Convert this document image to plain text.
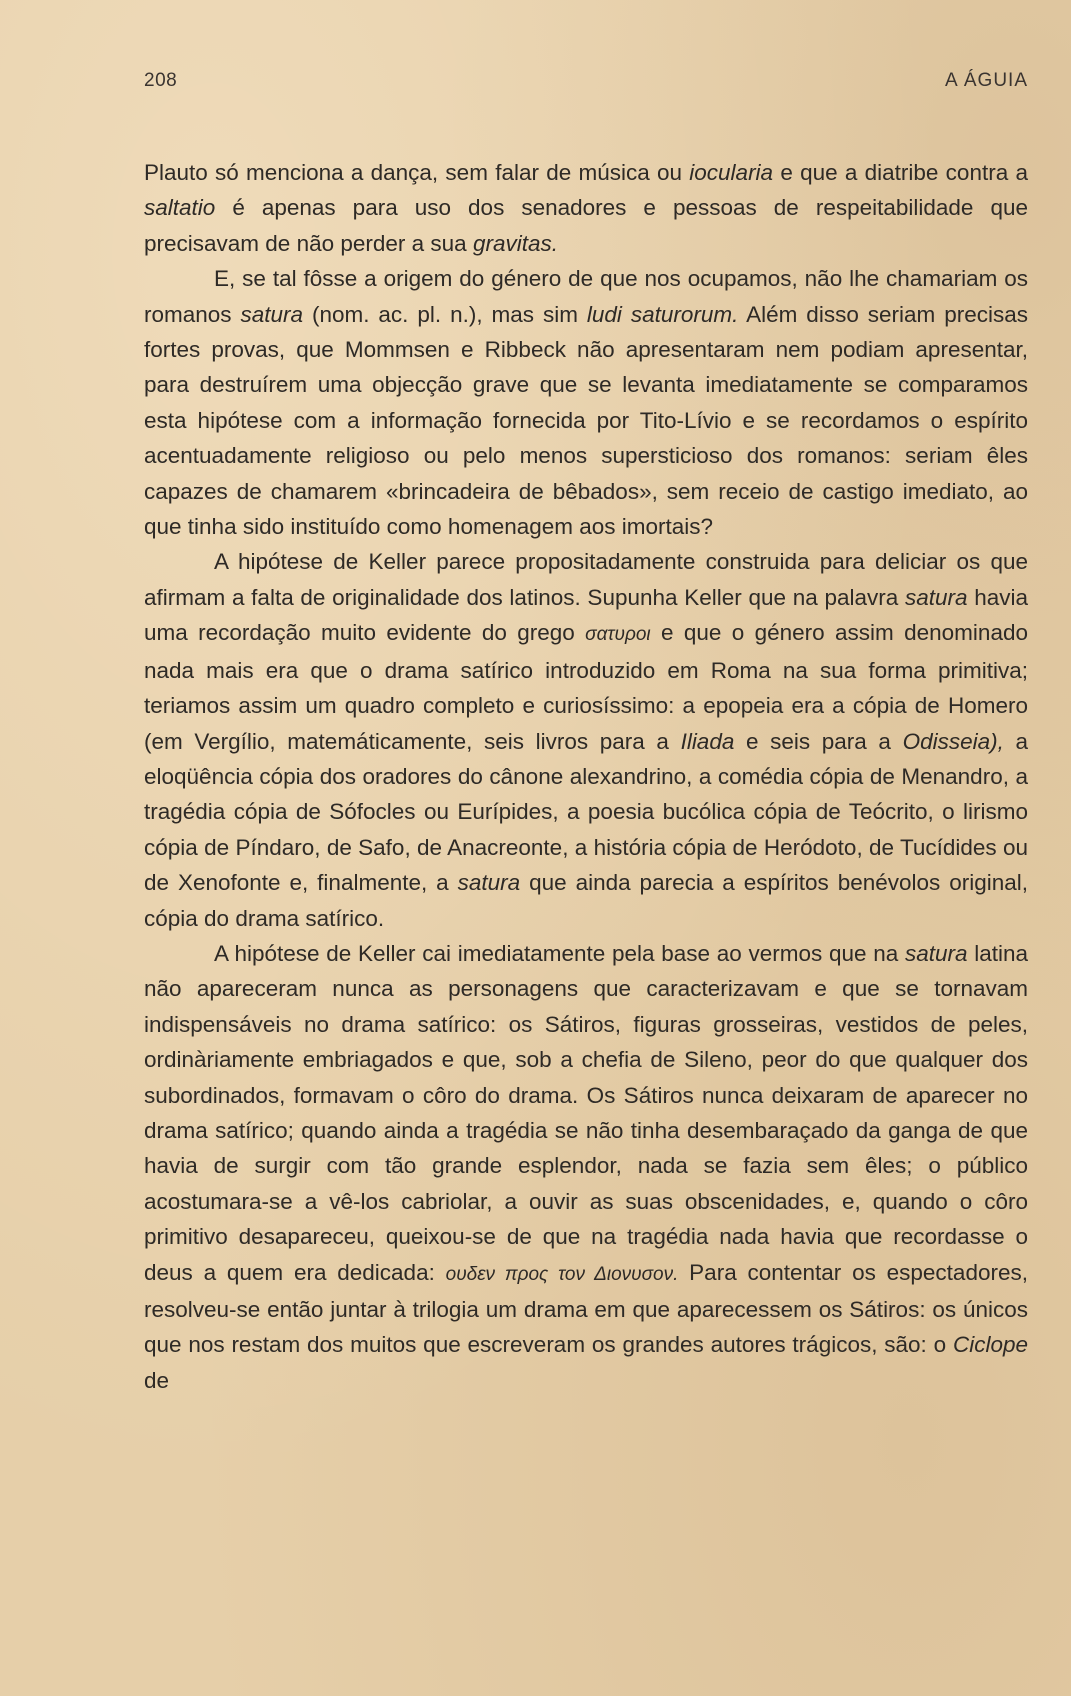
208	A ÁGUIA

Plauto só menciona a dança, sem falar de música ou iocularia e que a diatribe contra a saltatio é apenas para uso dos senadores e pessoas de respeitabilidade que precisavam de não perder a sua gravitas.

E, se tal fôsse a origem do género de que nos ocupamos, não lhe chamariam os romanos satura (nom. ac. pl. n.), mas sim ludi saturorum. Além disso seriam precisas fortes provas, que Mommsen e Ribbeck não apresentaram nem podiam apresentar, para destruírem uma objecção grave que se levanta imediatamente se comparamos esta hipótese com a informação fornecida por Tito-Lívio e se recordamos o espírito acentuadamente religioso ou pelo menos supersticioso dos romanos: seriam êles capazes de chamarem «brincadeira de bêbados», sem receio de castigo imediato, ao que tinha sido instituído como homenagem aos imortais?

A hipótese de Keller parece propositadamente construida para deliciar os que afirmam a falta de originalidade dos latinos. Supunha Keller que na palavra satura havia uma recordação muito evidente do grego σατυροι e que o género assim denominado nada mais era que o drama satírico introduzido em Roma na sua forma primitiva; teriamos assim um quadro completo e curiosíssimo: a epopeia era a cópia de Homero (em Vergílio, matemáticamente, seis livros para a Iliada e seis para a Odisseia), a eloqüência cópia dos oradores do cânone alexandrino, a comédia cópia de Menandro, a tragédia cópia de Sófocles ou Eurípides, a poesia bucólica cópia de Teócrito, o lirismo cópia de Píndaro, de Safo, de Anacreonte, a história cópia de Heródoto, de Tucídides ou de Xenofonte e, finalmente, a satura que ainda parecia a espíritos benévolos original, cópia do drama satírico.

A hipótese de Keller cai imediatamente pela base ao vermos que na satura latina não apareceram nunca as personagens que caracterizavam e que se tornavam indispensáveis no drama satírico: os Sátiros, figuras grosseiras, vestidos de peles, ordinàriamente embriagados e que, sob a chefia de Sileno, peor do que qualquer dos subordinados, formavam o côro do drama. Os Sátiros nunca deixaram de aparecer no drama satírico; quando ainda a tragédia se não tinha desembaraçado da ganga de que havia de surgir com tão grande esplendor, nada se fazia sem êles; o público acostumara-se a vê-los cabriolar, a ouvir as suas obscenidades, e, quando o côro primitivo desapareceu, queixou-se de que na tragédia nada havia que recordasse o deus a quem era dedicada: ουδεν προς τον Διονυσον. Para contentar os espectadores, resolveu-se então juntar à trilogia um drama em que aparecessem os Sátiros: os únicos que nos restam dos muitos que escreveram os grandes autores trágicos, são: o Ciclope de
